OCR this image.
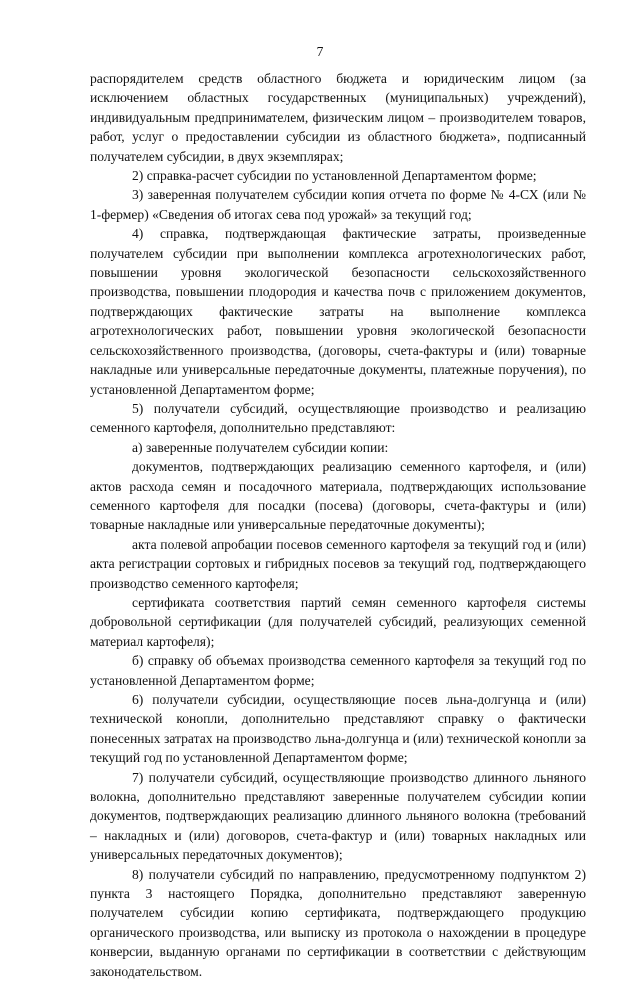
7

распорядителем средств областного бюджета и юридическим лицом (за исключением областных государственных (муниципальных) учреждений), индивидуальным предпринимателем, физическим лицом – производителем товаров, работ, услуг о предоставлении субсидии из областного бюджета», подписанный получателем субсидии, в двух экземплярах;

2) справка-расчет субсидии по установленной Департаментом форме;

3) заверенная получателем субсидии копия отчета по форме № 4-СХ (или № 1-фермер) «Сведения об итогах сева под урожай» за текущий год;

4) справка, подтверждающая фактические затраты, произведенные получателем субсидии при выполнении комплекса агротехнологических работ, повышении уровня экологической безопасности сельскохозяйственного производства, повышении плодородия и качества почв с приложением документов, подтверждающих фактические затраты на выполнение комплекса агротехнологических работ, повышении уровня экологической безопасности сельскохозяйственного производства, (договоры, счета-фактуры и (или) товарные накладные или универсальные передаточные документы, платежные поручения), по установленной Департаментом форме;

5) получатели субсидий, осуществляющие производство и реализацию семенного картофеля, дополнительно представляют:

а) заверенные получателем субсидии копии:

документов, подтверждающих реализацию семенного картофеля, и (или) актов расхода семян и посадочного материала, подтверждающих использование семенного картофеля для посадки (посева) (договоры, счета-фактуры и (или) товарные накладные или универсальные передаточные документы);

акта полевой апробации посевов семенного картофеля за текущий год и (или) акта регистрации сортовых и гибридных посевов за текущий год, подтверждающего производство семенного картофеля;

сертификата соответствия партий семян семенного картофеля системы добровольной сертификации (для получателей субсидий, реализующих семенной материал картофеля);

б) справку об объемах производства семенного картофеля за текущий год по установленной Департаментом форме;

6) получатели субсидии, осуществляющие посев льна-долгунца и (или) технической конопли, дополнительно представляют справку о фактически понесенных затратах на производство льна-долгунца и (или) технической конопли за текущий год по установленной Департаментом форме;

7) получатели субсидий, осуществляющие производство длинного льняного волокна, дополнительно представляют заверенные получателем субсидии копии документов, подтверждающих реализацию длинного льняного волокна (требований – накладных и (или) договоров, счета-фактур и (или) товарных накладных или универсальных передаточных документов);

8) получатели субсидий по направлению, предусмотренному подпунктом 2) пункта 3 настоящего Порядка, дополнительно представляют заверенную получателем субсидии копию сертификата, подтверждающего продукцию органического производства, или выписку из протокола о нахождении в процедуре конверсии, выданную органами по сертификации в соответствии с действующим законодательством.
